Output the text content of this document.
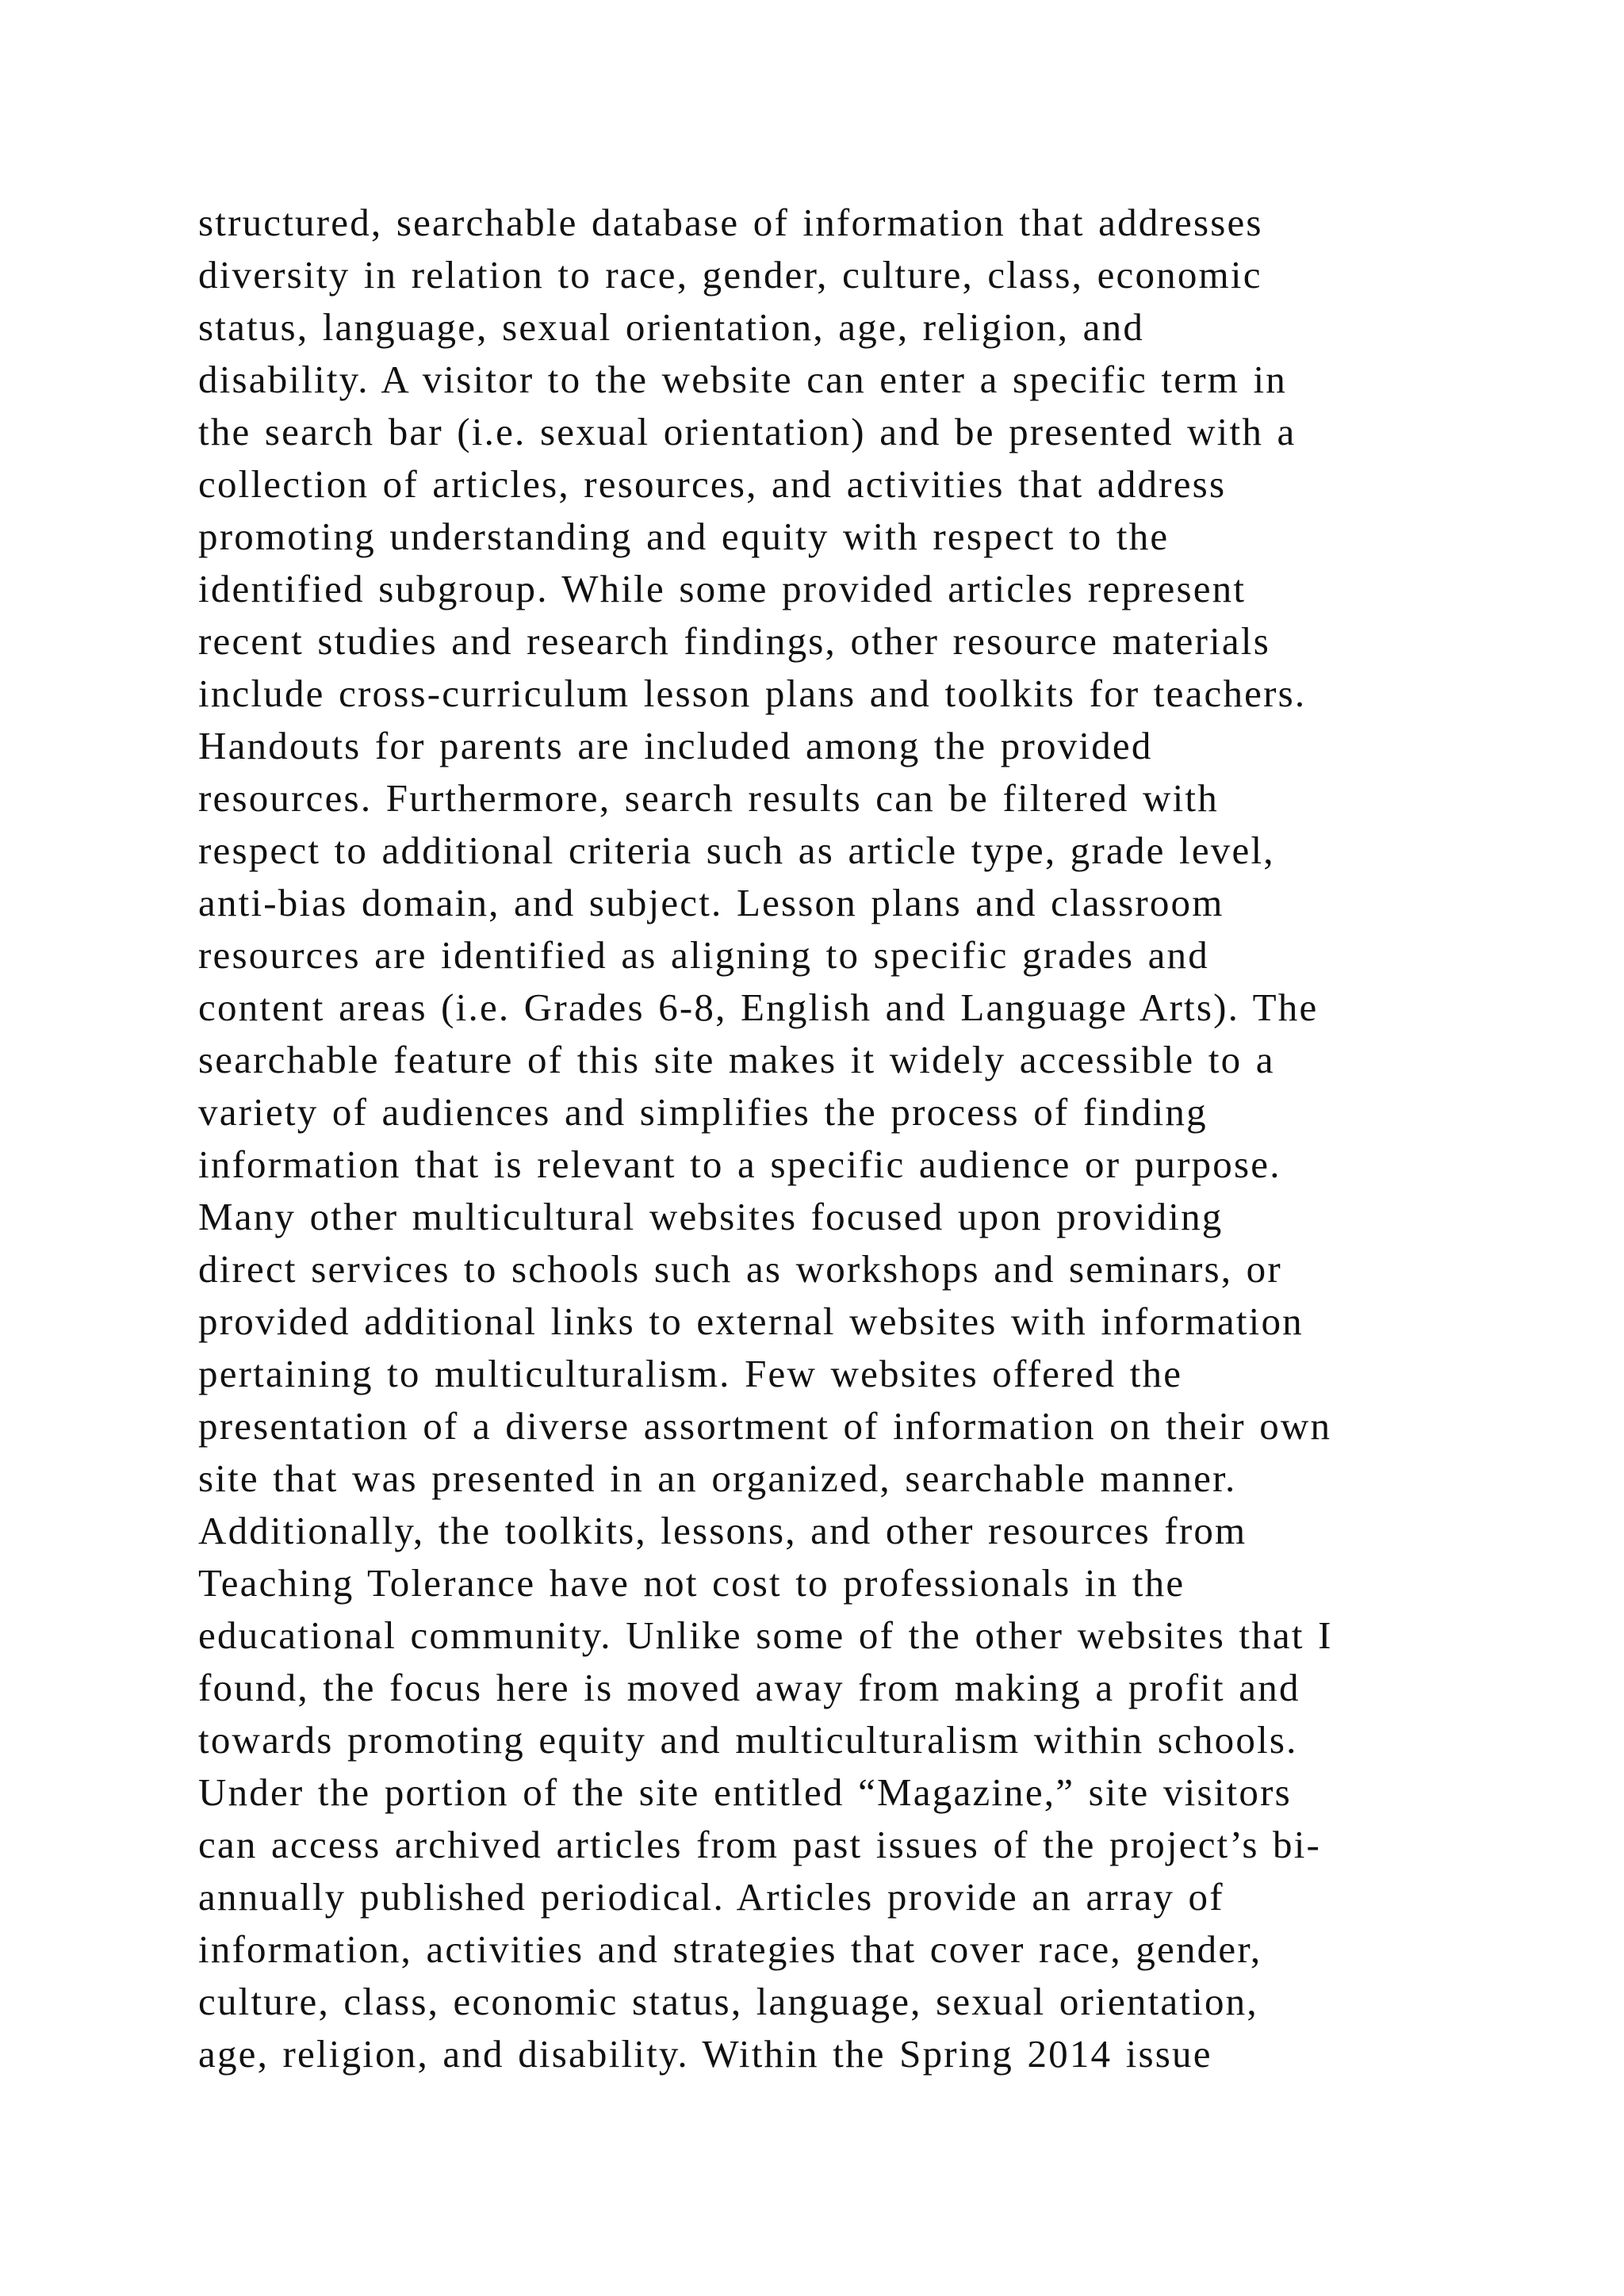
structured, searchable database of information that addresses
diversity in relation to race, gender, culture, class, economic
status, language, sexual orientation, age, religion, and
disability. A visitor to the website can enter a specific term in
the search bar (i.e. sexual orientation) and be presented with a
collection of articles, resources, and activities that address
promoting understanding and equity with respect to the
identified subgroup. While some provided articles represent
recent studies and research findings, other resource materials
include cross-curriculum lesson plans and toolkits for teachers.
Handouts for parents are included among the provided
resources. Furthermore, search results can be filtered with
respect to additional criteria such as article type, grade level,
anti-bias domain, and subject. Lesson plans and classroom
resources are identified as aligning to specific grades and
content areas (i.e. Grades 6-8, English and Language Arts). The
searchable feature of this site makes it widely accessible to a
variety of audiences and simplifies the process of finding
information that is relevant to a specific audience or purpose.
Many other multicultural websites focused upon providing
direct services to schools such as workshops and seminars, or
provided additional links to external websites with information
pertaining to multiculturalism. Few websites offered the
presentation of a diverse assortment of information on their own
site that was presented in an organized, searchable manner.
Additionally, the toolkits, lessons, and other resources from
Teaching Tolerance have not cost to professionals in the
educational community. Unlike some of the other websites that I
found, the focus here is moved away from making a profit and
towards promoting equity and multiculturalism within schools.
Under the portion of the site entitled “Magazine,” site visitors
can access archived articles from past issues of the project’s bi-
annually published periodical. Articles provide an array of
information, activities and strategies that cover race, gender,
culture, class, economic status, language, sexual orientation,
age, religion, and disability. Within the Spring 2014 issue
